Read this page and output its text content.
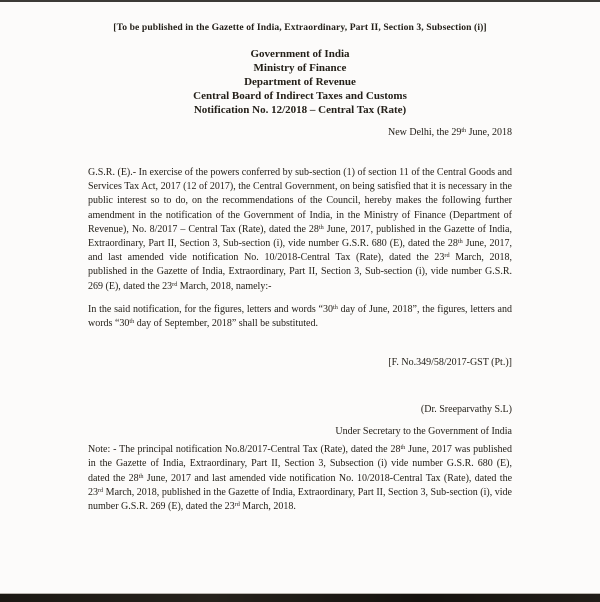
[To be published in the Gazette of India, Extraordinary, Part II, Section 3, Subsection (i)]
Government of India
Ministry of Finance
Department of Revenue
Central Board of Indirect Taxes and Customs
Notification No. 12/2018 – Central Tax (Rate)
New Delhi, the 29th June, 2018
G.S.R. (E).- In exercise of the powers conferred by sub-section (1) of section 11 of the Central Goods and Services Tax Act, 2017 (12 of 2017), the Central Government, on being satisfied that it is necessary in the public interest so to do, on the recommendations of the Council, hereby makes the following further amendment in the notification of the Government of India, in the Ministry of Finance (Department of Revenue), No. 8/2017 – Central Tax (Rate), dated the 28th June, 2017, published in the Gazette of India, Extraordinary, Part II, Section 3, Sub-section (i), vide number G.S.R. 680 (E), dated the 28th June, 2017, and last amended vide notification No. 10/2018-Central Tax (Rate), dated the 23rd March, 2018, published in the Gazette of India, Extraordinary, Part II, Section 3, Sub-section (i), vide number G.S.R. 269 (E), dated the 23rd March, 2018, namely:-
In the said notification, for the figures, letters and words “30th day of June, 2018”, the figures, letters and words “30th day of September, 2018” shall be substituted.
[F. No.349/58/2017-GST (Pt.)]
(Dr. Sreeparvathy S.L)
Under Secretary to the Government of India
Note: - The principal notification No.8/2017-Central Tax (Rate), dated the 28th June, 2017 was published in the Gazette of India, Extraordinary, Part II, Section 3, Subsection (i) vide number G.S.R. 680 (E), dated the 28th June, 2017 and last amended vide notification No. 10/2018-Central Tax (Rate), dated the 23rd March, 2018, published in the Gazette of India, Extraordinary, Part II, Section 3, Sub-section (i), vide number G.S.R. 269 (E), dated the 23rd March, 2018.
